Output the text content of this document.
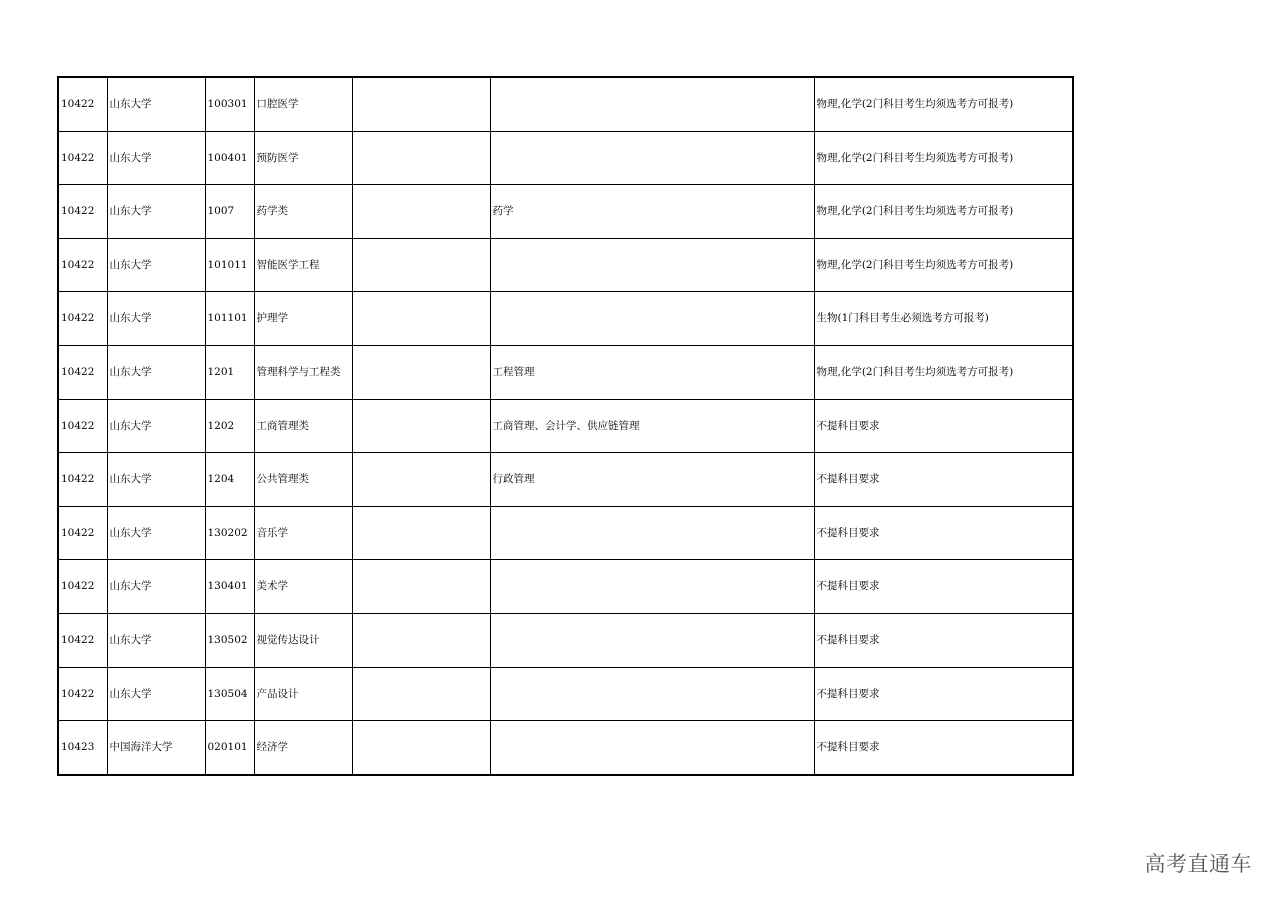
10422	山东大学	100301	口腔医学			物理,化学(2门科目考生均须选考方可报考)
10422	山东大学	100401	预防医学			物理,化学(2门科目考生均须选考方可报考)
10422	山东大学	1007	药学类		药学	物理,化学(2门科目考生均须选考方可报考)
10422	山东大学	101011	智能医学工程			物理,化学(2门科目考生均须选考方可报考)
10422	山东大学	101101	护理学			生物(1门科目考生必须选考方可报考)
10422	山东大学	1201	管理科学与工程类		工程管理	物理,化学(2门科目考生均须选考方可报考)
10422	山东大学	1202	工商管理类		工商管理、会计学、供应链管理	不提科目要求
10422	山东大学	1204	公共管理类		行政管理	不提科目要求
10422	山东大学	130202	音乐学			不提科目要求
10422	山东大学	130401	美术学			不提科目要求
10422	山东大学	130502	视觉传达设计			不提科目要求
10422	山东大学	130504	产品设计			不提科目要求
10423	中国海洋大学	020101	经济学			不提科目要求
高考直通车
